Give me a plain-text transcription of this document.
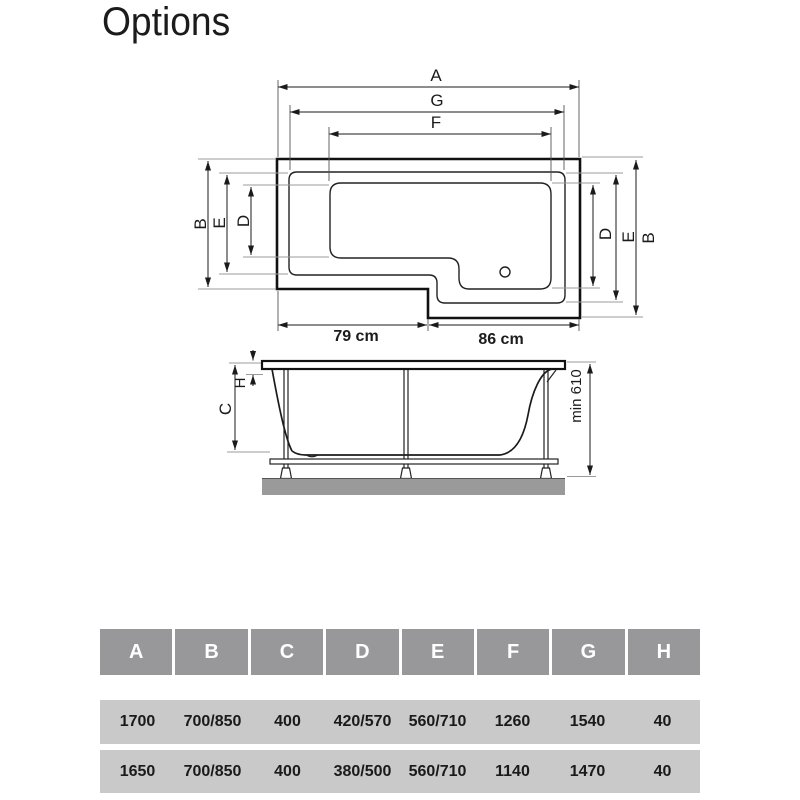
Options
A
G
F
B E D
D E B
79 cm	86 cm
C
H	min 610
A	B	C	D	E	F	G	H
1700	700/850	400	420/570	560/710	1260	1540	40
1650	700/850	400	380/500	560/710	1140	1470	40
